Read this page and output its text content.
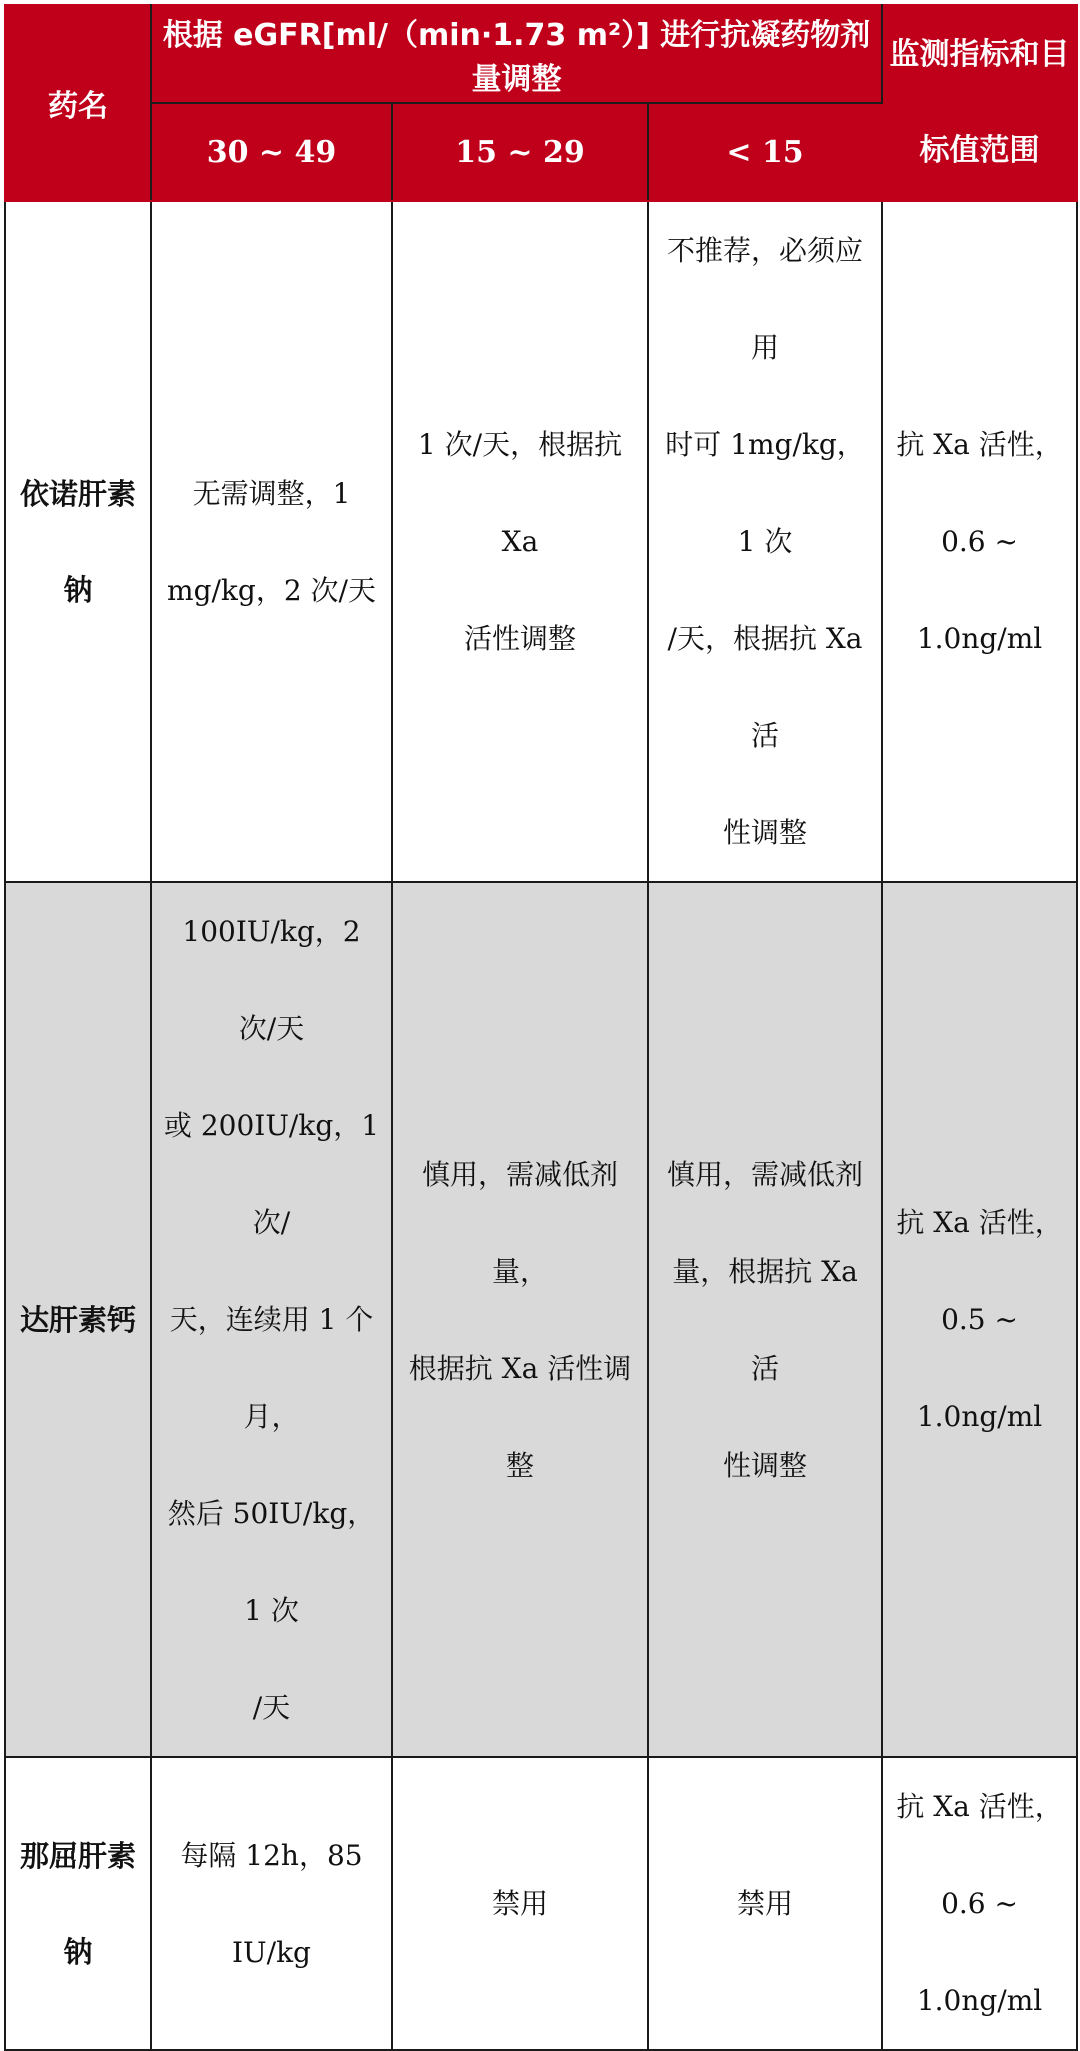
药名	根据 eGFR[ml/（min·1.73 m²）] 进行抗凝药物剂量调整			监测指标和目
标值范围

	30 ~ 49	15 ~ 29	< 15	

依诺肝素
钠	无需调整，1
mg/kg，2 次/天	1 次/天，根据抗 Xa
活性调整	不推荐，必须应用
时可 1mg/kg，1 次
/天，根据抗 Xa 活
性调整	抗 Xa 活性，
0.6 ~ 1.0ng/ml

达肝素钙	100IU/kg，2 次/天
或 200IU/kg，1 次/
天，连续用 1 个月，
然后 50IU/kg，1 次
/天	慎用，需减低剂量，
根据抗 Xa 活性调
整	慎用，需减低剂
量，根据抗 Xa 活
性调整	抗 Xa 活性，
0.5 ~ 1.0ng/ml

那屈肝素
钠	每隔 12h，85 IU/kg	禁用	禁用	抗 Xa 活性，
0.6 ~ 1.0ng/ml
